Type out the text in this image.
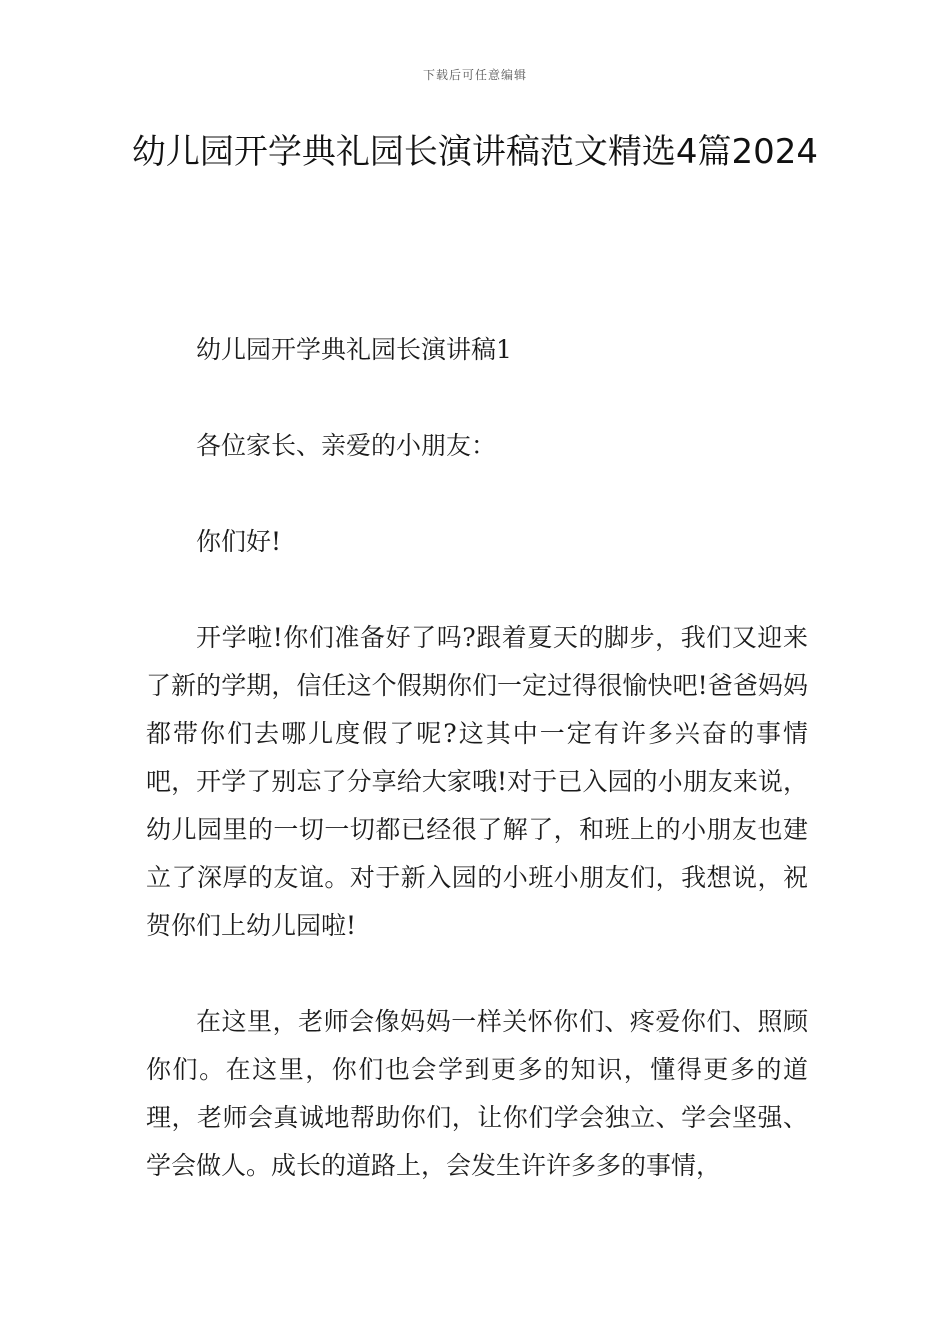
下载后可任意编辑
幼儿园开学典礼园长演讲稿范文精选4篇2024

幼儿园开学典礼园长演讲稿1

各位家长、亲爱的小朋友：

你们好!

开学啦!你们准备好了吗?跟着夏天的脚步，我们又迎来了新的学期，信任这个假期你们一定过得很愉快吧!爸爸妈妈都带你们去哪儿度假了呢?这其中一定有许多兴奋的事情吧，开学了别忘了分享给大家哦!对于已入园的小朋友来说，幼儿园里的一切一切都已经很了解了，和班上的小朋友也建立了深厚的友谊。对于新入园的小班小朋友们，我想说，祝贺你们上幼儿园啦!

在这里，老师会像妈妈一样关怀你们、疼爱你们、照顾你们。在这里，你们也会学到更多的知识，懂得更多的道理，老师会真诚地帮助你们，让你们学会独立、学会坚强、学会做人。成长的道路上，会发生许许多多的事情，
